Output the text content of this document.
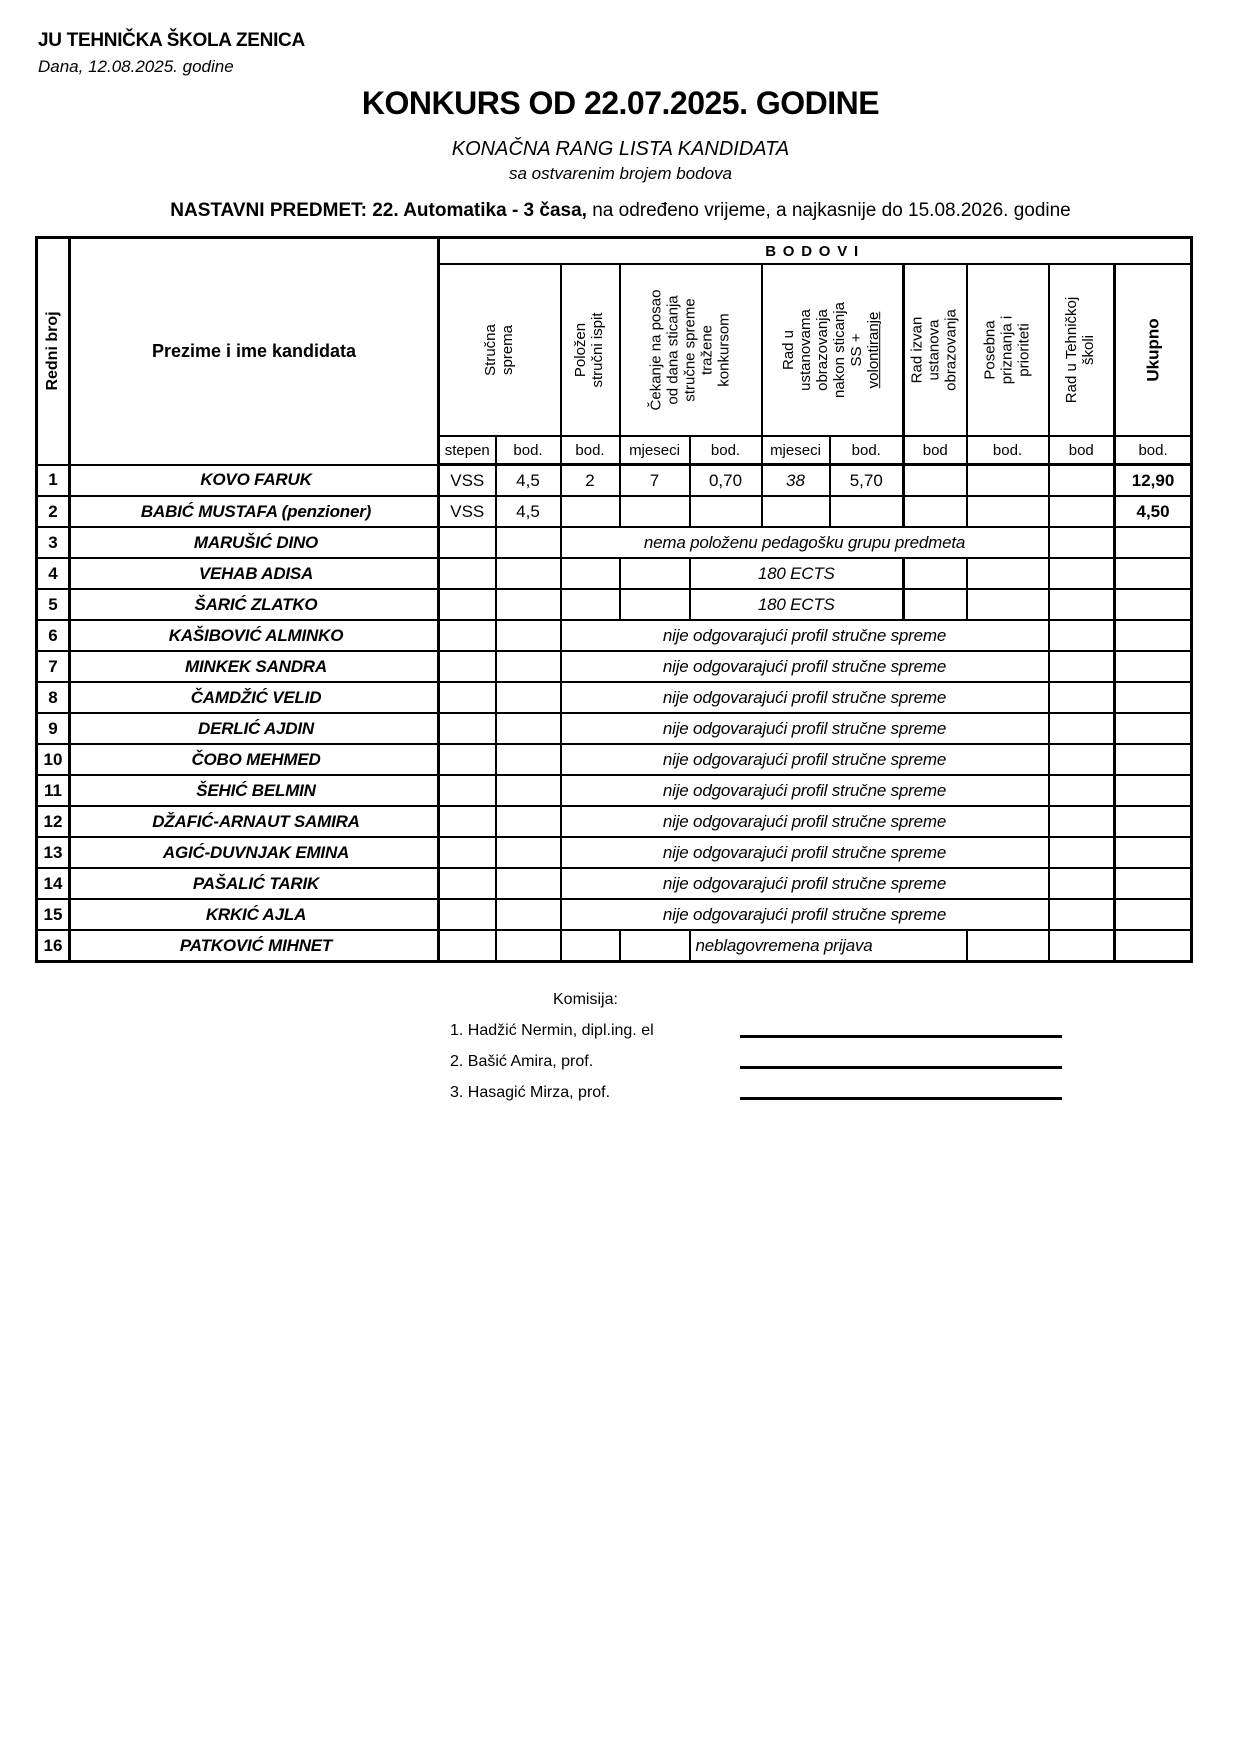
JU TEHNIČKA ŠKOLA ZENICA
Dana, 12.08.2025. godine
KONKURS OD 22.07.2025. GODINE
KONAČNA RANG LISTA KANDIDATA
sa ostvarenim brojem bodova
NASTAVNI PREDMET: 22. Automatika - 3 časa, na određeno vrijeme, a najkasnije do 15.08.2026. godine
Redni broj	Prezime i ime kandidata	BODOVI										

Stručna
sprema	Položen
stručni ispit	Čekanje na posao
od dana sticanja
stručne spreme
tražene
konkursom	Rad u
ustanovama
obrazovanja
nakon sticanja
SS +
volontiranje	Rad izvan
ustanova
obrazovanja	Posebna
priznanja i
prioriteti	Rad u Tehničkoj
školi	Ukupno

		stepen	bod.	bod.	mjeseci	bod.	mjeseci	bod.	bod	bod.	bod	bod.
1	KOVO FARUK	VSS	4,5	2	7	0,70	38	5,70				12,90
2	BABIĆ MUSTAFA (penzioner)	VSS	4,5									4,50
3	MARUŠIĆ DINO			nema položenu pedagošku grupu predmeta								
4	VEHAB ADISA					180 ECTS						
5	ŠARIĆ ZLATKO					180 ECTS						
6	KAŠIBOVIĆ ALMINKO			nije odgovarajući profil stručne spreme								
7	MINKEK SANDRA			nije odgovarajući profil stručne spreme								
8	ČAMDŽIĆ VELID			nije odgovarajući profil stručne spreme								
9	DERLIĆ AJDIN			nije odgovarajući profil stručne spreme								
10	ČOBO MEHMED			nije odgovarajući profil stručne spreme								
11	ŠEHIĆ BELMIN			nije odgovarajući profil stručne spreme								
12	DŽAFIĆ-ARNAUT SAMIRA			nije odgovarajući profil stručne spreme								
13	AGIĆ-DUVNJAK EMINA			nije odgovarajući profil stručne spreme								
14	PAŠALIĆ TARIK			nije odgovarajući profil stručne spreme								
15	KRKIĆ AJLA			nije odgovarajući profil stručne spreme								
16	PATKOVIĆ MIHNET					neblagovremena prijava						
Komisija:
1. Hadžić Nermin, dipl.ing. el
2. Bašić Amira, prof.
3. Hasagić Mirza, prof.
